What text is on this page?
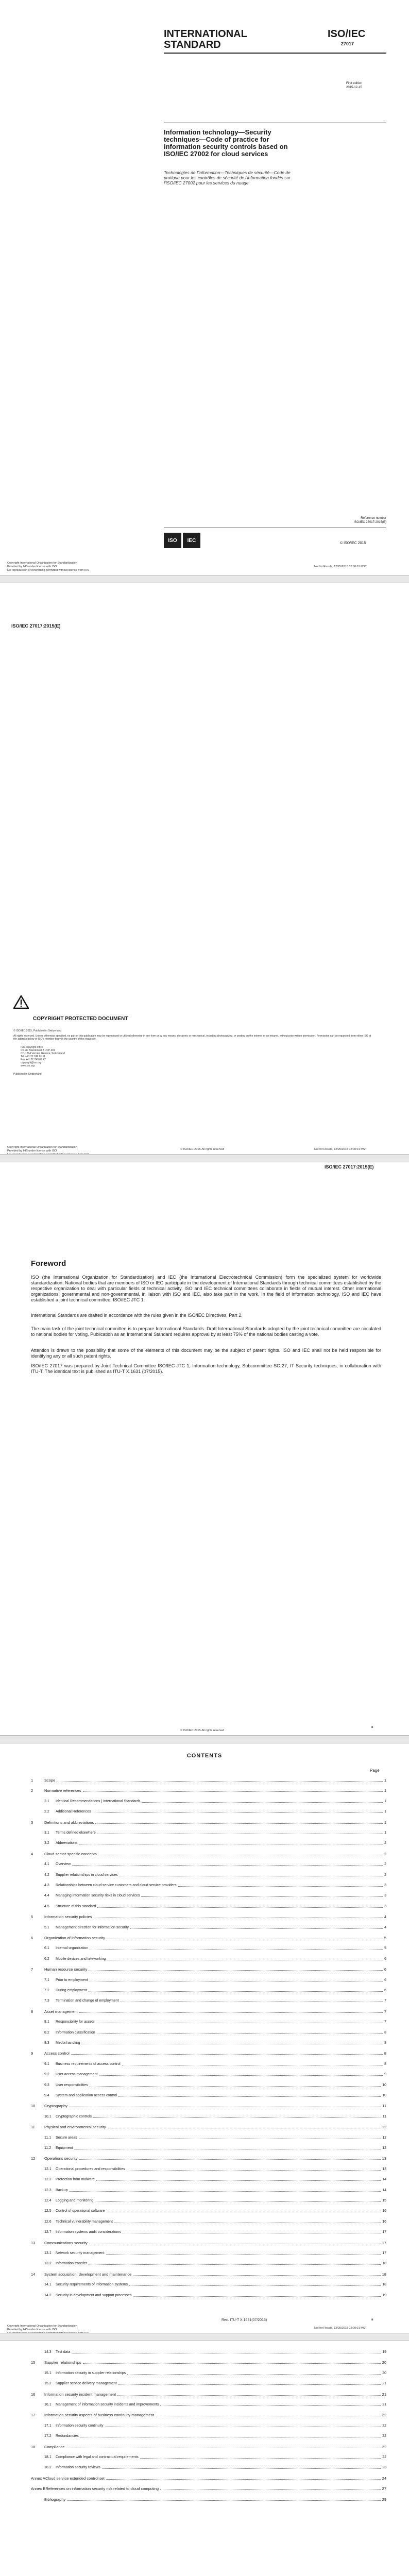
INTERNATIONAL
STANDARD
ISO/IEC
27017
First edition
2015-12-15
Information technology—Security
techniques—Code of practice for
information security controls based on
ISO/IEC 27002 for cloud services
Technologies de l'information—Techniques de sécurité—Code de
pratique pour les contrôles de sécurité de l'information fondés sur
l'ISO/IEC 27002 pour les services du nuage
Reference number
ISO/IEC 27017:2015(E)
ISO IEC	© ISO/IEC 2015
Copyright International Organization for Standardization
Provided by IHS under license with ISO
No reproduction or networking permitted without license from IHS
Not for Resale, 12/25/2015 02:00:01 MST
ISO/IEC 27017:2015(E)
COPYRIGHT PROTECTED DOCUMENT
© ISO/IEC 2015, Published in Switzerland
All rights reserved. Unless otherwise specified, no part of this publication may be reproduced or utilized otherwise in any form or by any means, electronic or mechanical, including photocopying, or posting on the internet or an intranet, without prior written permission. Permission can be requested from either ISO at the address below or ISO's member body in the country of the requester.
ISO copyright office
Ch. de Blandonnet 8 • CP 401
CH-1214 Vernier, Geneva, Switzerland
Tel. +41 22 749 01 11
Fax +41 22 749 09 47
copyright@iso.org
www.iso.org
Published in Switzerland
Copyright International Organization for Standardization
Provided by IHS under license with ISO	© ISO/IEC 2015-All rights reserved	Not for Resale, 12/25/2015 02:00:01 MST
ISO/IEC 27017:2015(E)
Foreword
ISO (the International Organization for Standardization) and IEC (the International Electrotechnical Commission) form the specialized system for worldwide standardization. National bodies that are members of ISO or IEC participate in the development of International Standards through technical committees established by the respective organization to deal with particular fields of technical activity. ISO and IEC technical committees collaborate in fields of mutual interest. Other international organizations, governmental and non-governmental, in liaison with ISO and IEC, also take part in the work. In the field of information technology, ISO and IEC have established a joint technical committee, ISO/IEC JTC 1.
International Standards are drafted in accordance with the rules given in the ISO/IEC Directives, Part 2.
The main task of the joint technical committee is to prepare International Standards. Draft International Standards adopted by the joint technical committee are circulated to national bodies for voting. Publication as an International Standard requires approval by at least 75% of the national bodies casting a vote.
Attention is drawn to the possibility that some of the elements of this document may be the subject of patent rights. ISO and IEC shall not be held responsible for identifying any or all such patent rights.
ISO/IEC 27017 was prepared by Joint Technical Committee ISO/IEC JTC 1, Information technology, Subcommittee SC 27, IT Security techniques, in collaboration with ITU-T. The identical text is published as ITU-T X.1631 (07/2015).
© ISO/IEC 2015-All rights reserved
iii
CONTENTS
Page
1	Scope	1
2	Normative references	1
2.1 Identical Recommendations | International Standards	1
2.2 Additional References	1
3	Definitions and abbreviations	1
3.1 Terms defined elsewhere	1
3.2 Abbreviations	2
4	Cloud sector-specific concepts	2
4.1 Overview	2
4.2 Supplier relationships in cloud services	2
4.3 Relationships between cloud service customers and cloud service providers	3
4.4 Managing information security risks in cloud services	3
4.5 Structure of this standard	3
5	Information security policies	4
5.1 Management direction for information security	4
6	Organization of information security	5
6.1 Internal organization	5
6.2 Mobile devices and teleworking	6
7	Human resource security	6
7.1 Prior to employment	6
7.2 During employment	6
7.3 Termination and change of employment	7
8	Asset management	7
8.1 Responsibility for assets	7
8.2 Information classification	8
8.3 Media handling	8
9	Access control	8
9.1 Business requirements of access control	8
9.2 User access management	9
9.3 User responsibilities	10
9.4 System and application access control	10
10 Cryptography	11
10.1 Cryptographic controls	11
11 Physical and environmental security	12
11.1 Secure areas	12
11.2 Equipment	12
12 Operations security	13
12.1 Operational procedures and responsibilities	13
12.2 Protection from malware	14
12.3 Backup	14
12.4 Logging and monitoring	15
12.5 Control of operational software	16
12.6 Technical vulnerability management	16
12.7 Information systems audit considerations	17
13 Communications security	17
13.1 Network security management	17
13.2 Information transfer	18
14 System acquisition, development and maintenance	18
14.1 Security requirements of information systems	18
14.2 Security in development and support processes	19
Copyright International Organization for Standardization
Provided by IHS under license with ISO
Rec. ITU-T X.1631(07/2015)
Not for Resale, 12/25/2015 02:00:01 MST
iii
14.3 Test data	19
15 Supplier relationships	20
15.1 Information security in supplier relationships	20
15.2 Supplier service delivery management	21
16 Information security incident management	21
16.1 Management of information security incidents and improvements	21
17 Information security aspects of business continuity management	22
17.1 Information security continuity	22
17.2 Redundancies	22
18 Compliance	22
18.1 Compliance with legal and contractual requirements	22
18.2 Information security reviews	23
Annex ACloud service extended control set	24
Annex BReferences on information security risk related to cloud computing	27
Bibliography	29
